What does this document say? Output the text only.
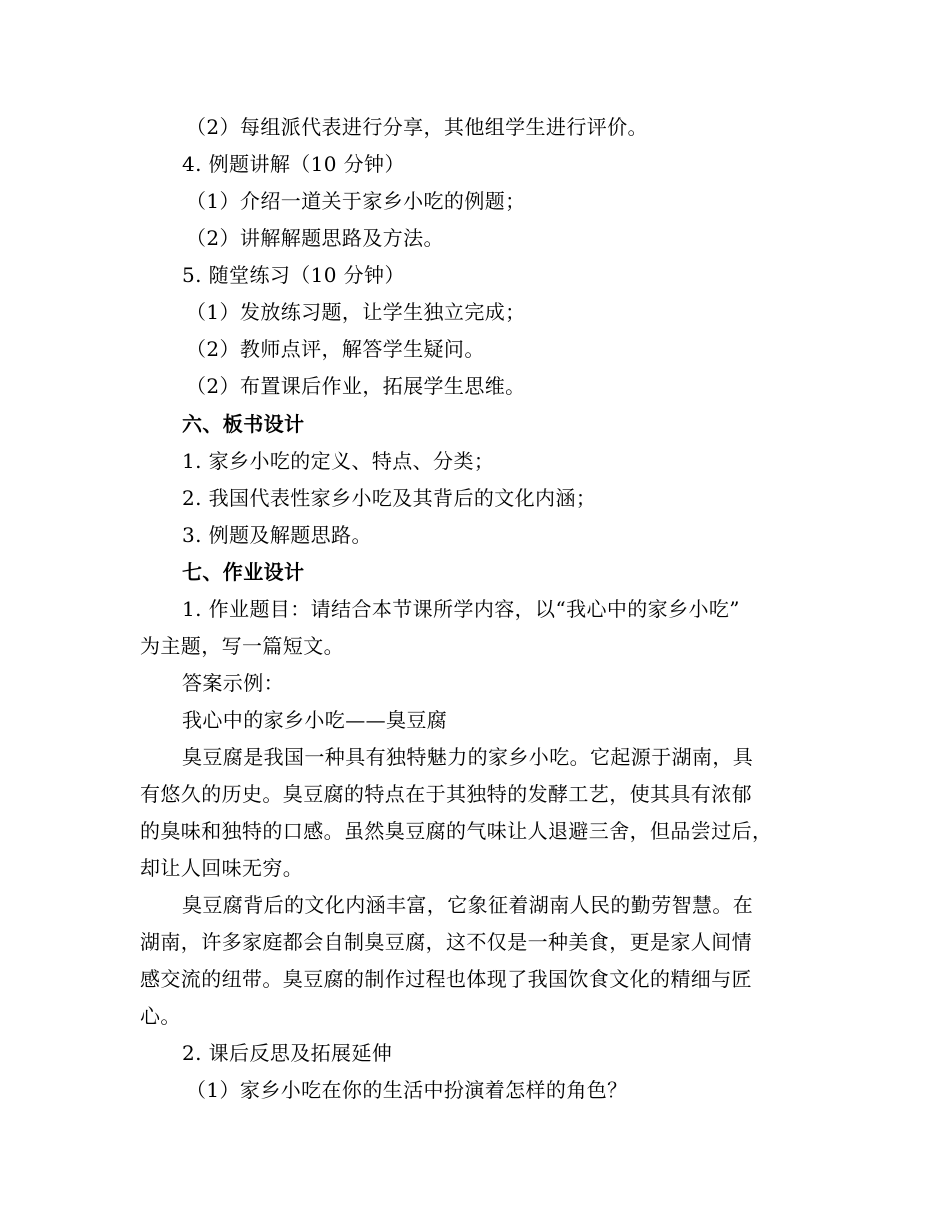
（2）每组派代表进行分享，其他组学生进行评价。
4. 例题讲解（10 分钟）
（1）介绍一道关于家乡小吃的例题；
（2）讲解解题思路及方法。
5. 随堂练习（10 分钟）
（1）发放练习题，让学生独立完成；
（2）教师点评，解答学生疑问。
（2）布置课后作业，拓展学生思维。
六、板书设计
1. 家乡小吃的定义、特点、分类；
2. 我国代表性家乡小吃及其背后的文化内涵；
3. 例题及解题思路。
七、作业设计
1. 作业题目：请结合本节课所学内容，以“我心中的家乡小吃”
为主题，写一篇短文。
答案示例：
我心中的家乡小吃——臭豆腐
臭豆腐是我国一种具有独特魅力的家乡小吃。它起源于湖南，具
有悠久的历史。臭豆腐的特点在于其独特的发酵工艺，使其具有浓郁
的臭味和独特的口感。虽然臭豆腐的气味让人退避三舍，但品尝过后，
却让人回味无穷。
臭豆腐背后的文化内涵丰富，它象征着湖南人民的勤劳智慧。在
湖南，许多家庭都会自制臭豆腐，这不仅是一种美食，更是家人间情
感交流的纽带。臭豆腐的制作过程也体现了我国饮食文化的精细与匠
心。
2. 课后反思及拓展延伸
（1）家乡小吃在你的生活中扮演着怎样的角色？
